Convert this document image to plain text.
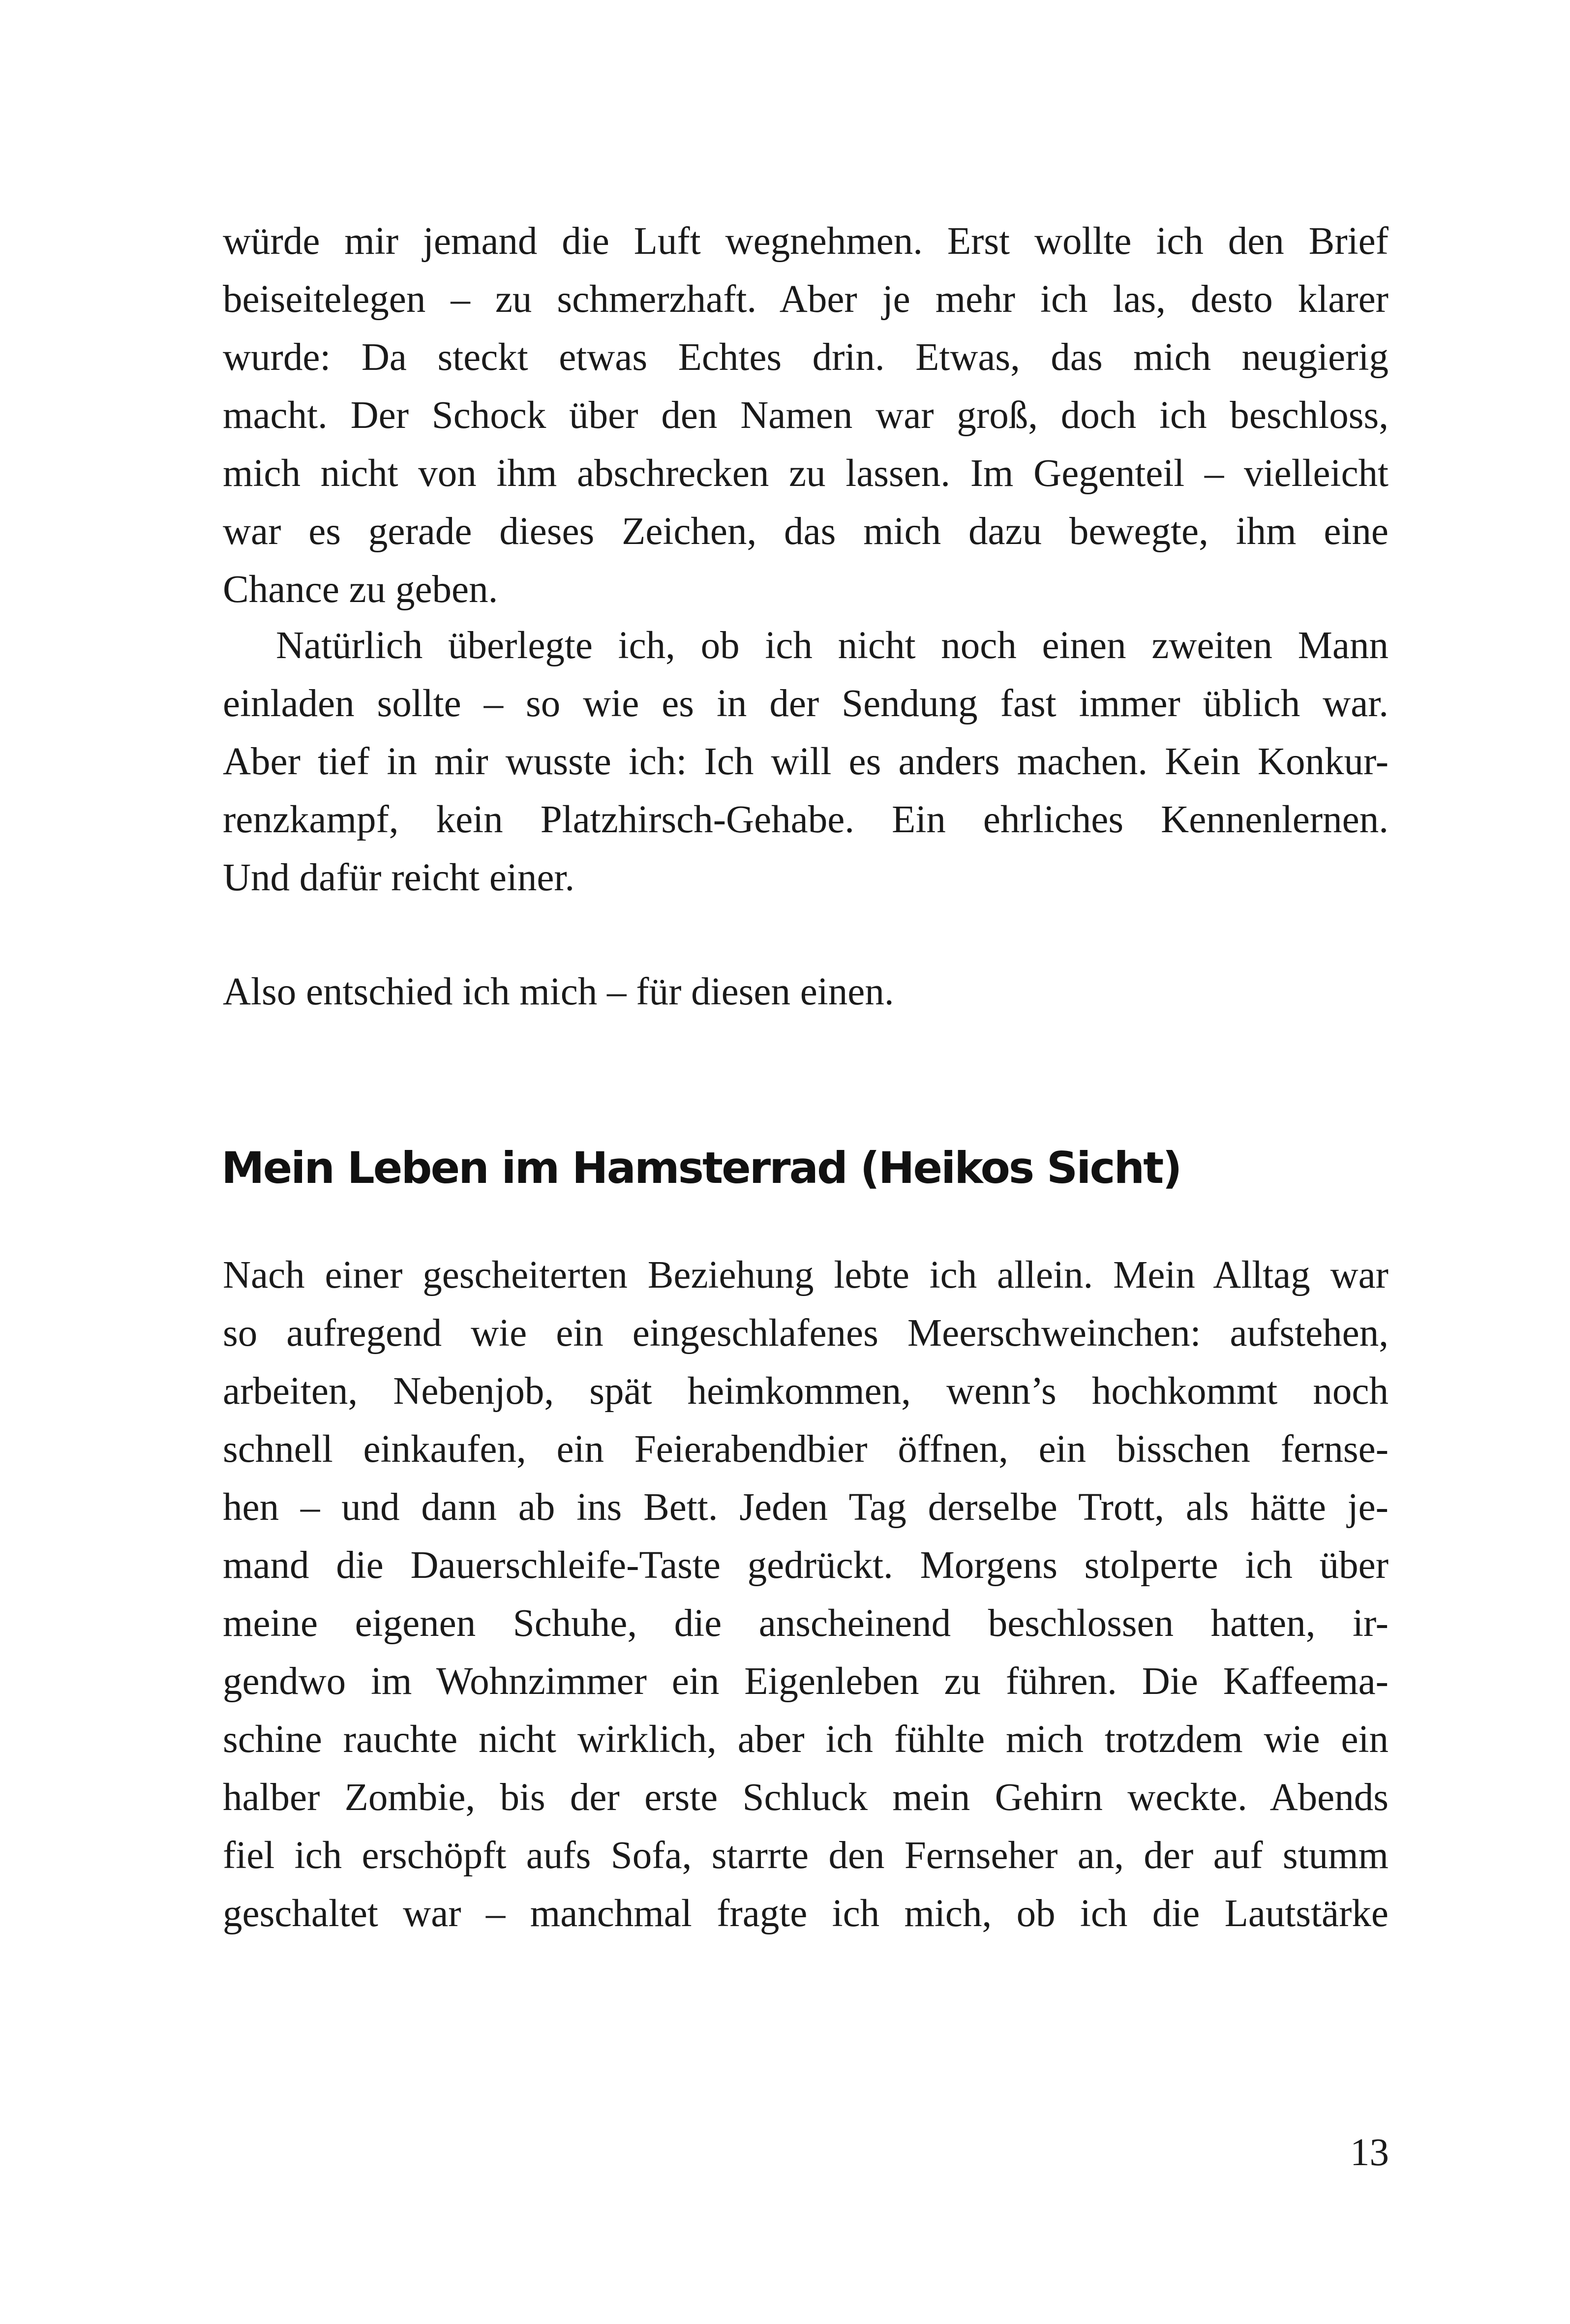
würde mir jemand die Luft wegnehmen. Erst wollte ich den Brief
beiseitelegen – zu schmerzhaft. Aber je mehr ich las, desto klarer
wurde: Da steckt etwas Echtes drin. Etwas, das mich neugierig
macht. Der Schock über den Namen war groß, doch ich beschloss,
mich nicht von ihm abschrecken zu lassen. Im Gegenteil – vielleicht
war es gerade dieses Zeichen, das mich dazu bewegte, ihm eine
Chance zu geben.
Natürlich überlegte ich, ob ich nicht noch einen zweiten Mann
einladen sollte – so wie es in der Sendung fast immer üblich war.
Aber tief in mir wusste ich: Ich will es anders machen. Kein Konkur-
renzkampf, kein Platzhirsch-Gehabe. Ein ehrliches Kennenlernen.
Und dafür reicht einer.
Also entschied ich mich – für diesen einen.
Mein Leben im Hamsterrad (Heikos Sicht)
Nach einer gescheiterten Beziehung lebte ich allein. Mein Alltag war
so aufregend wie ein eingeschlafenes Meerschweinchen: aufstehen,
arbeiten, Nebenjob, spät heimkommen, wenn’s hochkommt noch
schnell einkaufen, ein Feierabendbier öffnen, ein bisschen fernse-
hen – und dann ab ins Bett. Jeden Tag derselbe Trott, als hätte je-
mand die Dauerschleife-Taste gedrückt. Morgens stolperte ich über
meine eigenen Schuhe, die anscheinend beschlossen hatten, ir-
gendwo im Wohnzimmer ein Eigenleben zu führen. Die Kaffeema-
schine rauchte nicht wirklich, aber ich fühlte mich trotzdem wie ein
halber Zombie, bis der erste Schluck mein Gehirn weckte. Abends
fiel ich erschöpft aufs Sofa, starrte den Fernseher an, der auf stumm
geschaltet war – manchmal fragte ich mich, ob ich die Lautstärke
13
